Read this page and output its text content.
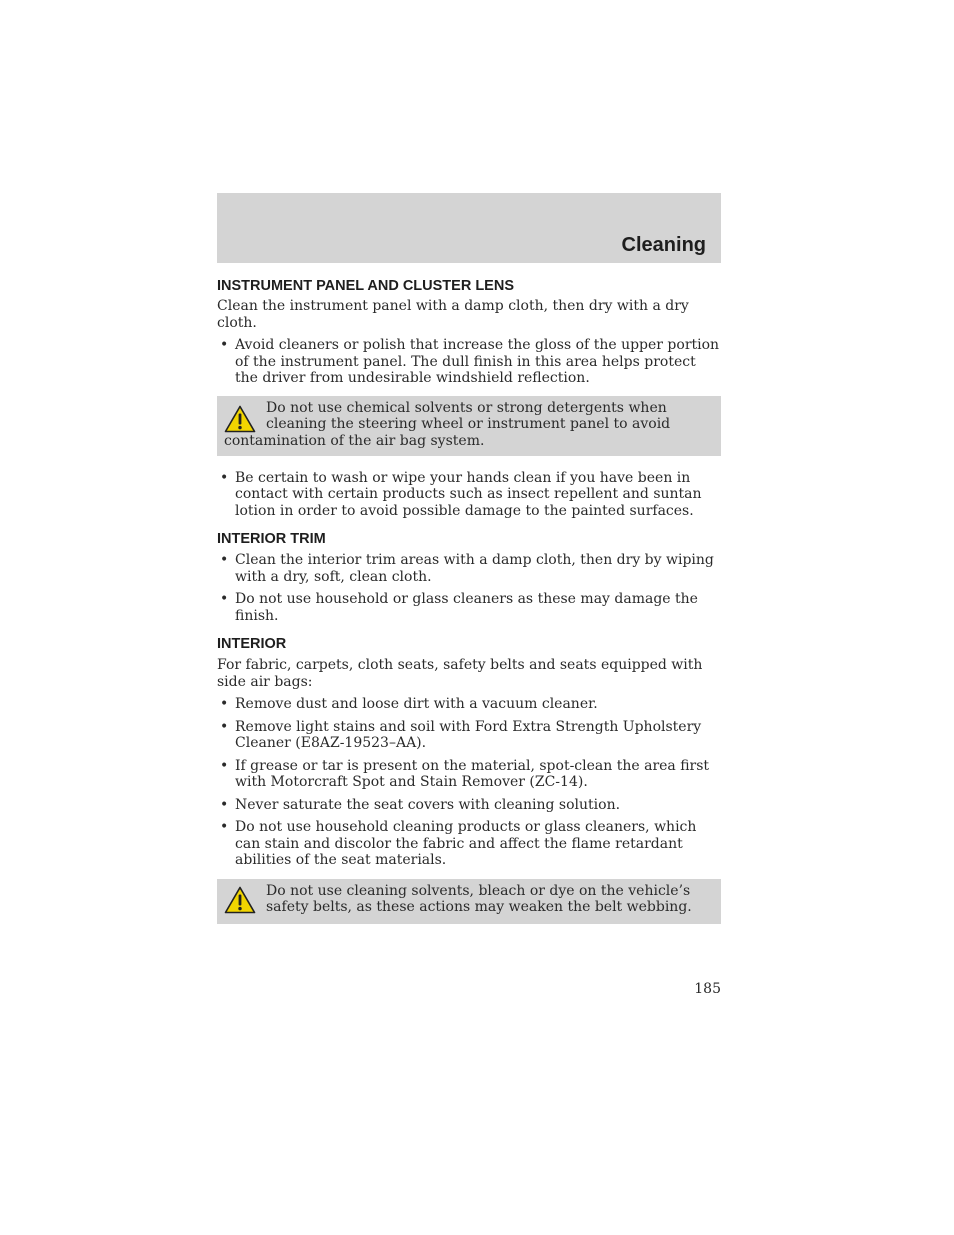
Cleaning
INSTRUMENT PANEL AND CLUSTER LENS
Clean the instrument panel with a damp cloth, then dry with a dry cloth.
• Avoid cleaners or polish that increase the gloss of the upper portion of the instrument panel. The dull finish in this area helps protect the driver from undesirable windshield reflection.
Do not use chemical solvents or strong detergents when cleaning the steering wheel or instrument panel to avoid contamination of the air bag system.
• Be certain to wash or wipe your hands clean if you have been in contact with certain products such as insect repellent and suntan lotion in order to avoid possible damage to the painted surfaces.
INTERIOR TRIM
• Clean the interior trim areas with a damp cloth, then dry by wiping with a dry, soft, clean cloth.
• Do not use household or glass cleaners as these may damage the finish.
INTERIOR
For fabric, carpets, cloth seats, safety belts and seats equipped with side air bags:
• Remove dust and loose dirt with a vacuum cleaner.
• Remove light stains and soil with Ford Extra Strength Upholstery Cleaner (E8AZ-19523–AA).
• If grease or tar is present on the material, spot-clean the area first with Motorcraft Spot and Stain Remover (ZC-14).
• Never saturate the seat covers with cleaning solution.
• Do not use household cleaning products or glass cleaners, which can stain and discolor the fabric and affect the flame retardant abilities of the seat materials.
Do not use cleaning solvents, bleach or dye on the vehicle’s safety belts, as these actions may weaken the belt webbing.
185
